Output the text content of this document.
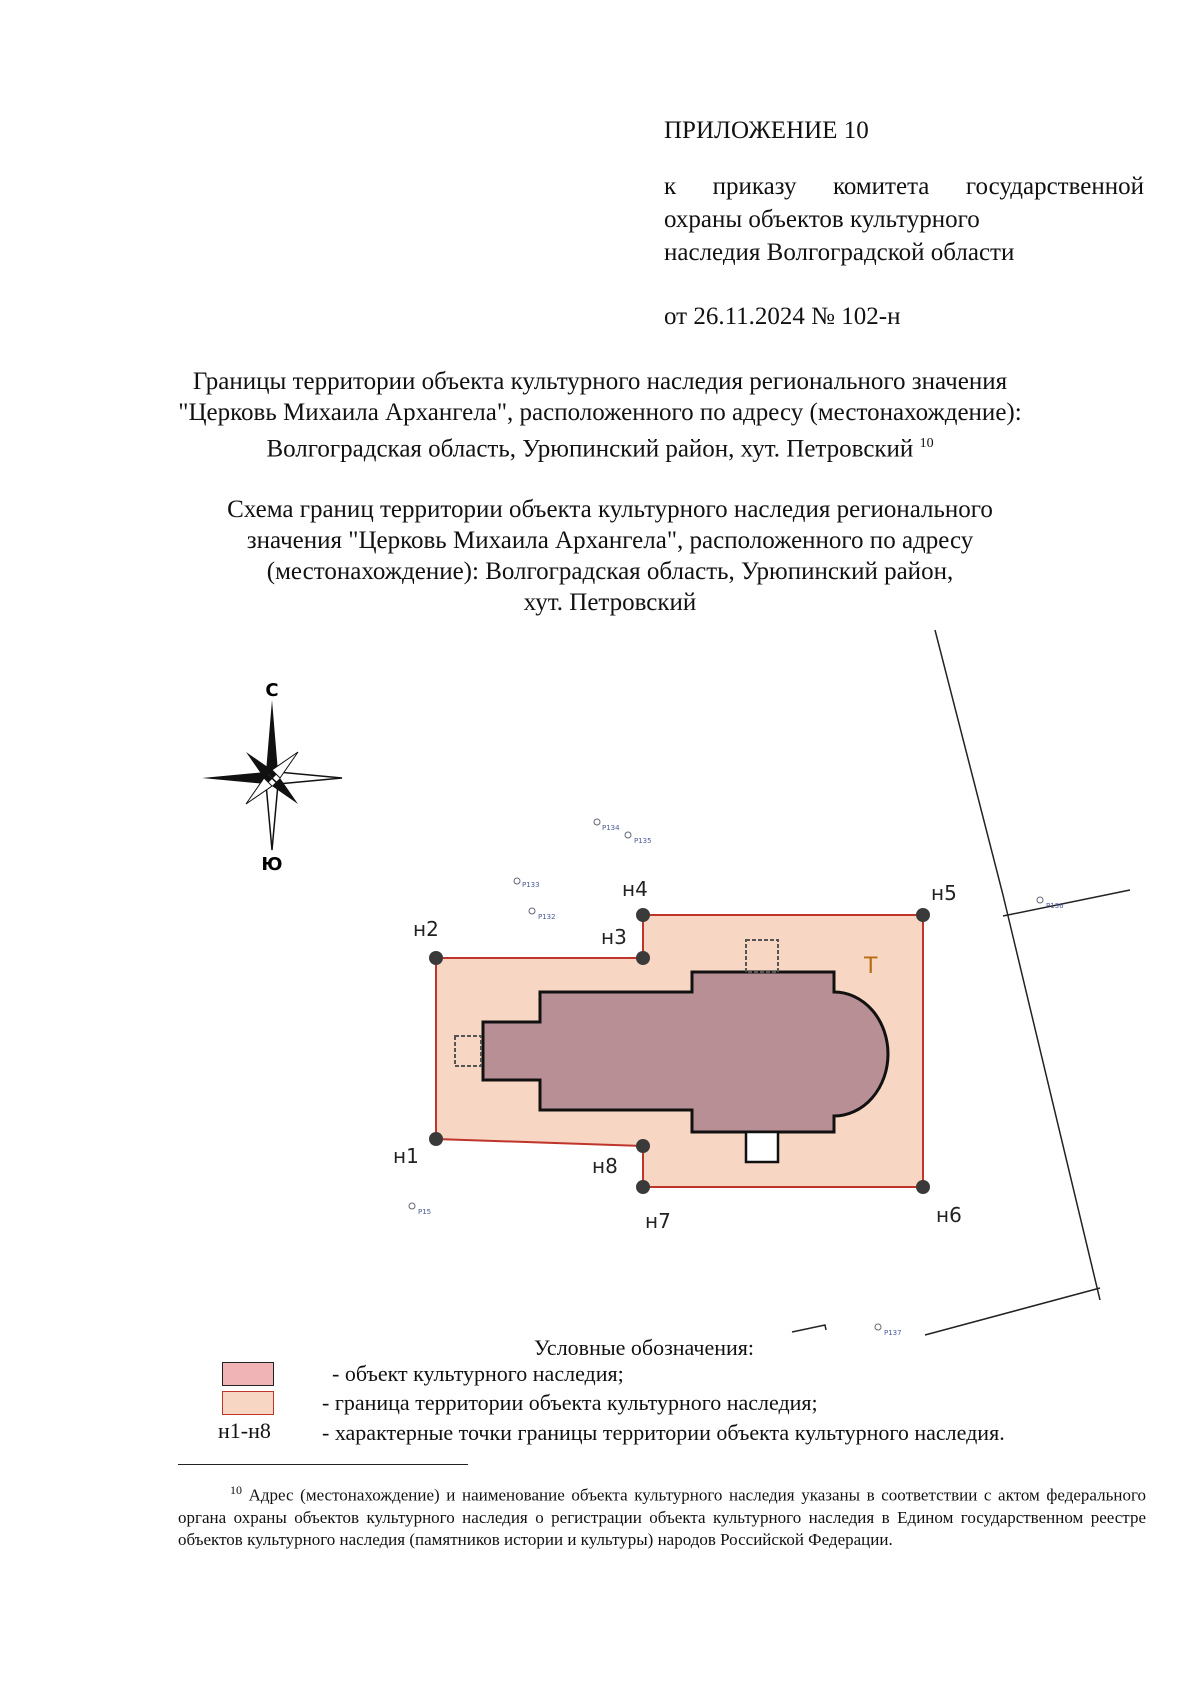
ПРИЛОЖЕНИЕ 10
к приказу комитета государственной
охраны объектов культурного
наследия Волгоградской области
от 26.11.2024 № 102-н
Границы территории объекта культурного наследия регионального значения
"Церковь Михаила Архангела", расположенного по адресу (местонахождение):
Волгоградская область, Урюпинский район, хут. Петровский $^{10}$
Схема границ территории объекта культурного наследия регионального
значения "Церковь Михаила Архангела", расположенного по адресу
(местонахождение): Волгоградская область, Урюпинский район,
хут. Петровский
С
Ю
Т
н1
н2	н3
н4	н5
н6
н7
н8
Р134
Р135
Р133
Р132
Р136
Р15
Р137
Условные обозначения:
- объект культурного наследия;
- граница территории объекта культурного наследия;
н1-н8 - характерные точки границы территории объекта культурного наследия.
$^{10}$ Адрес (местонахождение) и наименование объекта культурного наследия указаны в соответствии с актом федерального органа охраны объектов культурного наследия о регистрации объекта культурного наследия в Едином государственном реестре объектов культурного наследия (памятников истории и культуры) народов Российской Федерации.
